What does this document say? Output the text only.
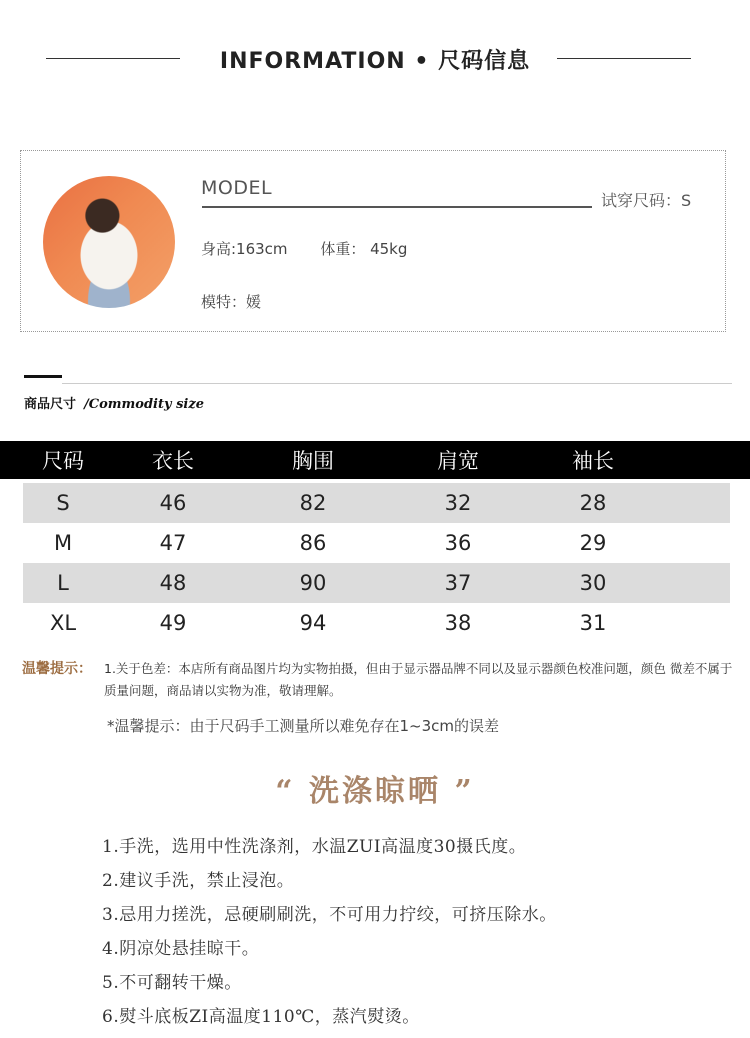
INFORMATION • 尺码信息
MODEL
试穿尺码：S
身高:163cm 体重： 45kg
模特：媛
商品尺寸 /Commodity size
尺码	衣长	胸围	肩宽	袖长
S	46	82	32	28
M	47	86	36	29
L	48	90	37	30
XL	49	94	38	31
温馨提示： 1.关于色差：本店所有商品图片均为实物拍摄，但由于显示器品牌不同以及显示器颜色校准问题，颜色 微差不属于质量问题，商品请以实物为准，敬请理解。
*温馨提示：由于尺码手工测量所以难免存在1~3cm的误差
“ 洗涤晾晒 ”
1.手洗，选用中性洗涤剂，水温ZUI高温度30摄氏度。
2.建议手洗，禁止浸泡。
3.忌用力搓洗，忌硬刷刷洗，不可用力拧绞，可挤压除水。
4.阴凉处悬挂晾干。
5.不可翻转干燥。
6.熨斗底板ZI高温度110℃，蒸汽熨烫。
